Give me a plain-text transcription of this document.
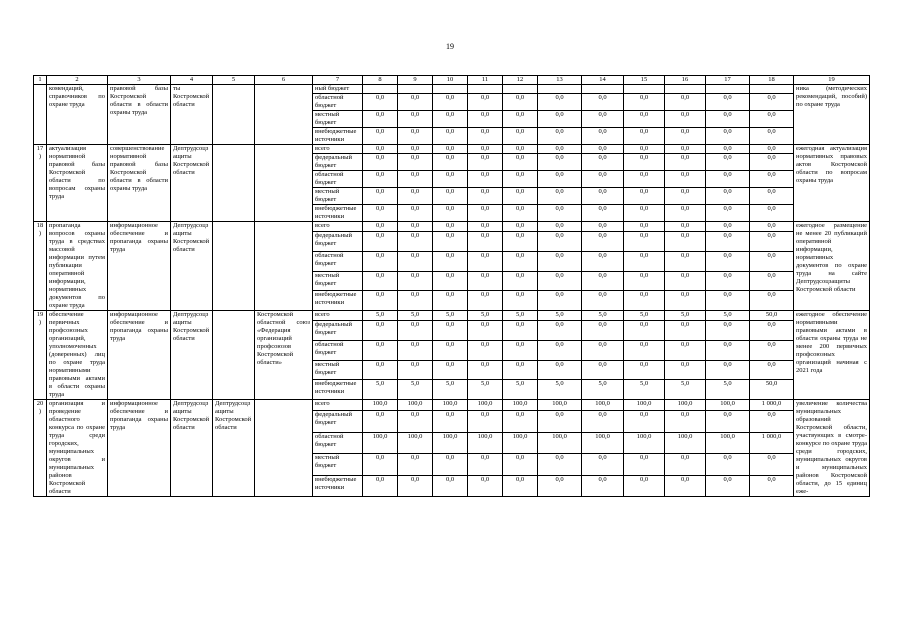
19
1	2	3	4	5	6	7	8	9	10	11	12	13	14	15	16	17	18	19
	комендаций, справочников по охране труда	правовой базы Костромской области в области охраны труда	ты Костромской области			ный бюджет												ника (методических рекомендаций, пособий) по охране труда
						областной бюджет	0,0	0,0	0,0	0,0	0,0	0,0	0,0	0,0	0,0	0,0	0,0	
						местный бюджет	0,0	0,0	0,0	0,0	0,0	0,0	0,0	0,0	0,0	0,0	0,0	
						внебюджетные источники	0,0	0,0	0,0	0,0	0,0	0,0	0,0	0,0	0,0	0,0	0,0	
17)	актуализация нормативной правовой базы Костромской области по вопросам охраны труда	совершенствование нормативной правовой базы Костромской области в области охраны труда	Дептрудсоцзащиты Костромской области			всего	0,0	0,0	0,0	0,0	0,0	0,0	0,0	0,0	0,0	0,0	0,0	ежегодная актуализация нормативных правовых актов Костромской области по вопросам охраны труда
						федеральный бюджет	0,0	0,0	0,0	0,0	0,0	0,0	0,0	0,0	0,0	0,0	0,0	
						областной бюджет	0,0	0,0	0,0	0,0	0,0	0,0	0,0	0,0	0,0	0,0	0,0	
						местный бюджет	0,0	0,0	0,0	0,0	0,0	0,0	0,0	0,0	0,0	0,0	0,0	
						внебюджетные источники	0,0	0,0	0,0	0,0	0,0	0,0	0,0	0,0	0,0	0,0	0,0	
18)	пропаганда вопросов охраны труда в средствах массовой информации путем публикации оперативной информации, нормативных документов по охране труда	информационное обеспечение и пропаганда охраны труда	Дептрудсоцзащиты Костромской области			всего	0,0	0,0	0,0	0,0	0,0	0,0	0,0	0,0	0,0	0,0	0,0	ежегодное размещение не менее 20 публикаций оперативной информации, нормативных документов по охране труда на сайте Дептрудсоцзащиты Костромской области
						федеральный бюджет	0,0	0,0	0,0	0,0	0,0	0,0	0,0	0,0	0,0	0,0	0,0	
						областной бюджет	0,0	0,0	0,0	0,0	0,0	0,0	0,0	0,0	0,0	0,0	0,0	
						местный бюджет	0,0	0,0	0,0	0,0	0,0	0,0	0,0	0,0	0,0	0,0	0,0	
						внебюджетные источники	0,0	0,0	0,0	0,0	0,0	0,0	0,0	0,0	0,0	0,0	0,0	
19)	обеспечение первичных профсоюзных организаций, уполномоченных (доверенных) лиц по охране труда нормативными правовыми актами в области охраны труда	информационное обеспечение и пропаганда охраны труда	Дептрудсоцзащиты Костромской области		Костромской областной союз «Федерация организаций профсоюзов Костромской области»	всего	5,0	5,0	5,0	5,0	5,0	5,0	5,0	5,0	5,0	5,0	50,0	ежегодное обеспечение нормативными правовыми актами в области охраны труда не менее 200 первичных профсоюзных организаций начиная с 2021 года
						федеральный бюджет	0,0	0,0	0,0	0,0	0,0	0,0	0,0	0,0	0,0	0,0	0,0	
						областной бюджет	0,0	0,0	0,0	0,0	0,0	0,0	0,0	0,0	0,0	0,0	0,0	
						местный бюджет	0,0	0,0	0,0	0,0	0,0	0,0	0,0	0,0	0,0	0,0	0,0	
						внебюджетные источники	5,0	5,0	5,0	5,0	5,0	5,0	5,0	5,0	5,0	5,0	50,0	
20)	организация и проведение областного конкурса по охране труда среди городских, муниципальных округов и муниципальных районов Костромской области	информационное обеспечение и пропаганда охраны труда	Дептрудсоцзащиты Костромской области	Дептрудсоцзащиты Костромской области		всего	100,0	100,0	100,0	100,0	100,0	100,0	100,0	100,0	100,0	100,0	1 000,0	увеличение количества муниципальных образований Костромской области, участвующих в смотре-конкурсе по охране труда среди городских, муниципальных округов и муниципальных районов Костромской области, до 15 единиц еже-
						федеральный бюджет	0,0	0,0	0,0	0,0	0,0	0,0	0,0	0,0	0,0	0,0	0,0	
						областной бюджет	100,0	100,0	100,0	100,0	100,0	100,0	100,0	100,0	100,0	100,0	1 000,0	
						местный бюджет	0,0	0,0	0,0	0,0	0,0	0,0	0,0	0,0	0,0	0,0	0,0	
						внебюджетные источники	0,0	0,0	0,0	0,0	0,0	0,0	0,0	0,0	0,0	0,0	0,0	
